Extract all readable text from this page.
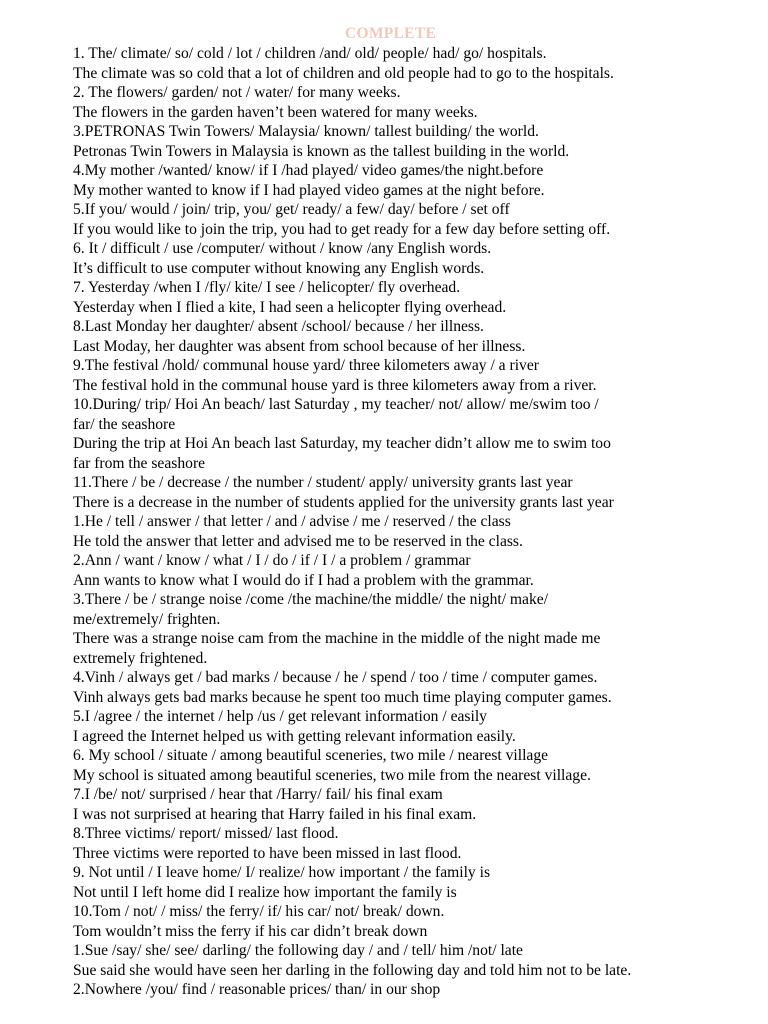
COMPLETE
1. The/ climate/ so/ cold / lot / children /and/ old/ people/ had/ go/ hospitals.
The climate was so cold that a lot of children and old people had to go to the hospitals.
2. The flowers/ garden/ not / water/ for many weeks.
The flowers in the garden haven’t been watered for many weeks.
3.PETRONAS Twin Towers/ Malaysia/ known/ tallest building/ the world.
Petronas Twin Towers in Malaysia is known as the tallest building in the world.
4.My mother /wanted/ know/ if I /had played/ video games/the night.before
My mother wanted to know if I had played video games at the night before.
5.If you/ would / join/ trip, you/ get/ ready/ a few/ day/ before / set off
If you would like to join the trip, you had to get ready for a few day before setting off.
6. It / difficult / use /computer/ without / know /any English words.
It’s difficult to use computer without knowing any English words.
7. Yesterday /when I /fly/ kite/ I see / helicopter/ fly overhead.
Yesterday when I flied a kite, I had seen a helicopter flying overhead.
8.Last Monday her daughter/ absent /school/ because / her illness.
Last Moday, her daughter was absent from school because of her illness.
9.The festival /hold/ communal house yard/ three kilometers away / a river
The festival hold in the communal house yard is three kilometers away from a river.
10.During/ trip/ Hoi An beach/ last Saturday , my teacher/ not/ allow/ me/swim too /
far/ the seashore
During the trip at Hoi An beach last Saturday, my teacher didn’t allow me to swim too
far from the seashore
11.There / be / decrease / the number / student/ apply/ university grants last year
There is a decrease in the number of students applied for the university grants last year
1.He / tell / answer / that letter / and / advise / me / reserved / the class
He told the answer that letter and advised me to be reserved in the class.
2.Ann / want / know / what / I / do / if / I / a problem / grammar
Ann wants to know what I would do if I had a problem with the grammar.
3.There / be / strange noise /come /the machine/the middle/ the night/ make/
me/extremely/ frighten.
There was a strange noise cam from the machine in the middle of the night made me
extremely frightened.
4.Vinh / always get / bad marks / because / he / spend / too / time / computer games.
Vinh always gets bad marks because he spent too much time playing computer games.
5.I /agree / the internet / help /us / get relevant information / easily
I agreed the Internet helped us with getting relevant information easily.
6. My school / situate / among beautiful sceneries, two mile / nearest village
My school is situated among beautiful sceneries, two mile from the nearest village.
7.I /be/ not/ surprised / hear that /Harry/ fail/ his final exam
I was not surprised at hearing that Harry failed in his final exam.
8.Three victims/ report/ missed/ last flood.
Three victims were reported to have been missed in last flood.
9. Not until / I leave home/ I/ realize/ how important / the family is
Not until I left home did I realize how important the family is
10.Tom / not/ / miss/ the ferry/ if/ his car/ not/ break/ down.
Tom wouldn’t miss the ferry if his car didn’t break down
1.Sue /say/ she/ see/ darling/ the following day / and / tell/ him /not/ late
Sue said she would have seen her darling in the following day and told him not to be late.
2.Nowhere /you/ find / reasonable prices/ than/ in our shop
